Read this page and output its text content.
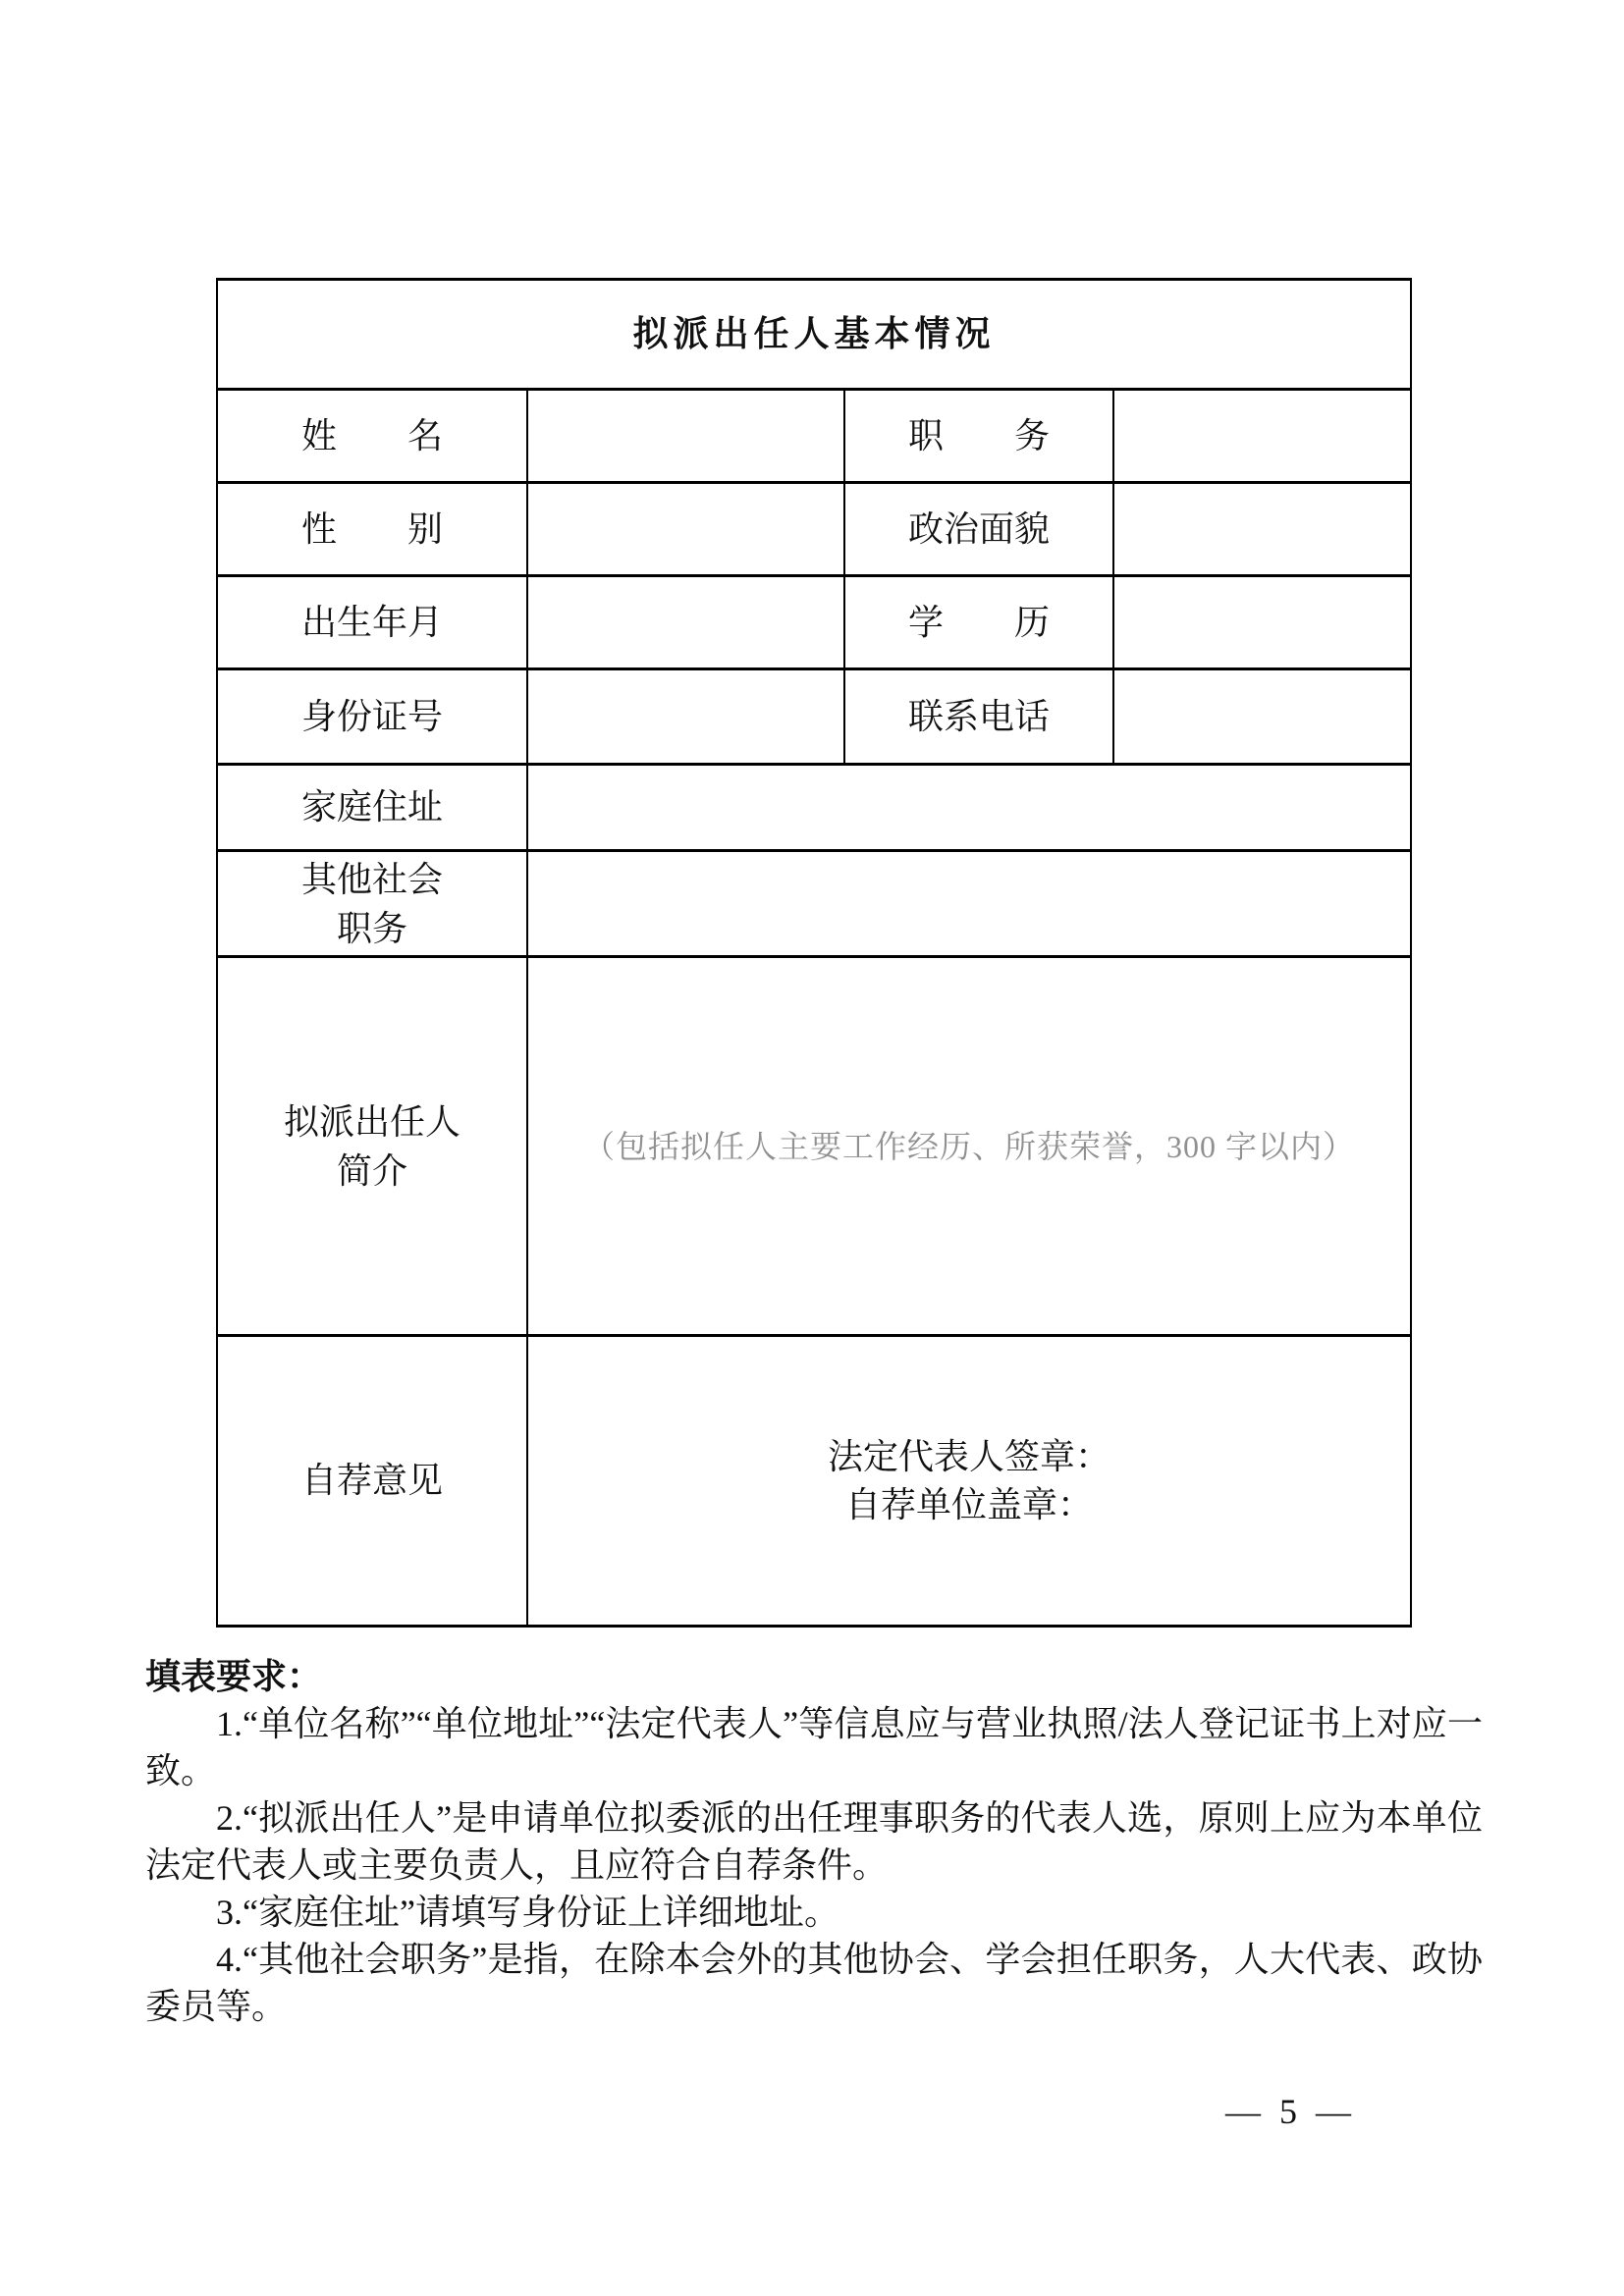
拟派出任人基本情况			
姓　　名		职　　务	
性　　别		政治面貌	
出生年月		学　　历	
身份证号		联系电话	
家庭住址			

其他社会
职务			

拟派出任人
简介	（包括拟任人主要工作经历、所获荣誉，300 字以内）		
自荐意见	法定代表人签章：
自荐单位盖章：		

填表要求：

1.“单位名称”“单位地址”“法定代表人”等信息应与营业执照/法人登记证书上对应一致。

2.“拟派出任人”是申请单位拟委派的出任理事职务的代表人选，原则上应为本单位法定代表人或主要负责人，且应符合自荐条件。

3.“家庭住址”请填写身份证上详细地址。

4.“其他社会职务”是指，在除本会外的其他协会、学会担任职务，人大代表、政协委员等。

— 5 —
